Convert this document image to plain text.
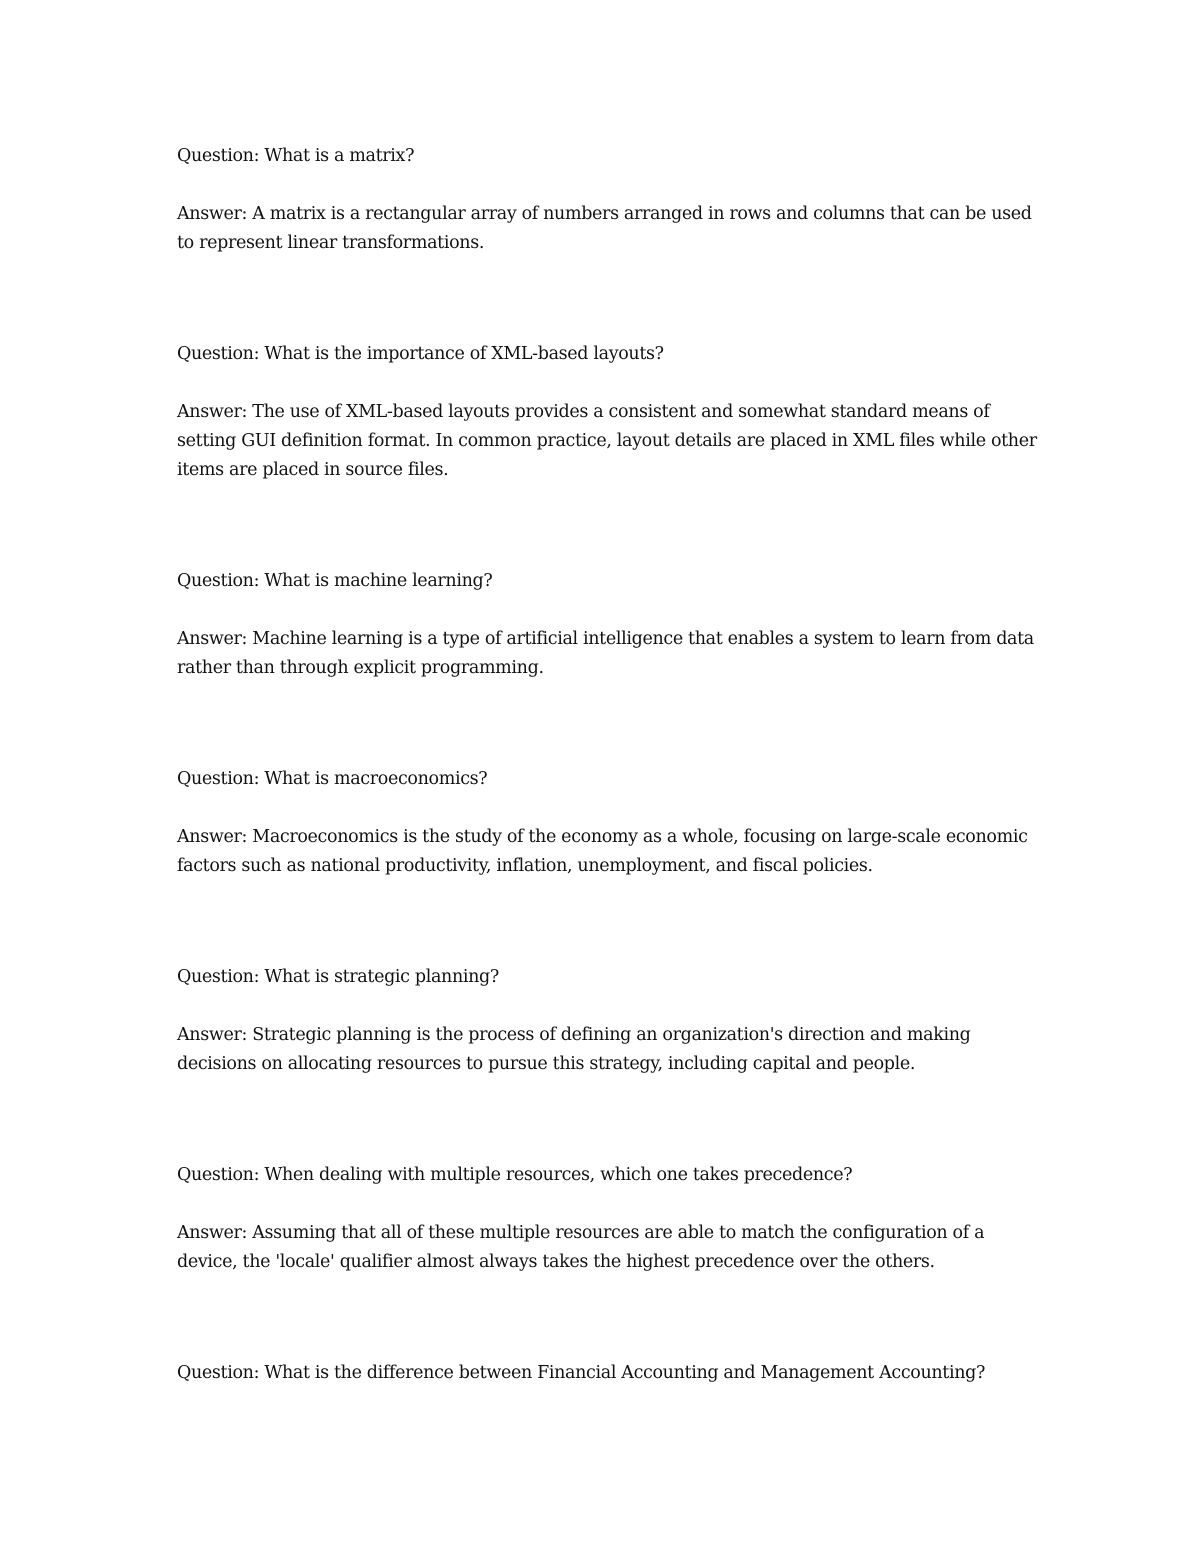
Question: What is a matrix?

Answer: A matrix is a rectangular array of numbers arranged in rows and columns that can be used to represent linear transformations.

Question: What is the importance of XML-based layouts?

Answer: The use of XML-based layouts provides a consistent and somewhat standard means of setting GUI definition format. In common practice, layout details are placed in XML files while other items are placed in source files.

Question: What is machine learning?

Answer: Machine learning is a type of artificial intelligence that enables a system to learn from data rather than through explicit programming.

Question: What is macroeconomics?

Answer: Macroeconomics is the study of the economy as a whole, focusing on large-scale economic factors such as national productivity, inflation, unemployment, and fiscal policies.

Question: What is strategic planning?

Answer: Strategic planning is the process of defining an organization's direction and making decisions on allocating resources to pursue this strategy, including capital and people.

Question: When dealing with multiple resources, which one takes precedence?

Answer: Assuming that all of these multiple resources are able to match the configuration of a device, the 'locale' qualifier almost always takes the highest precedence over the others.

Question: What is the difference between Financial Accounting and Management Accounting?
